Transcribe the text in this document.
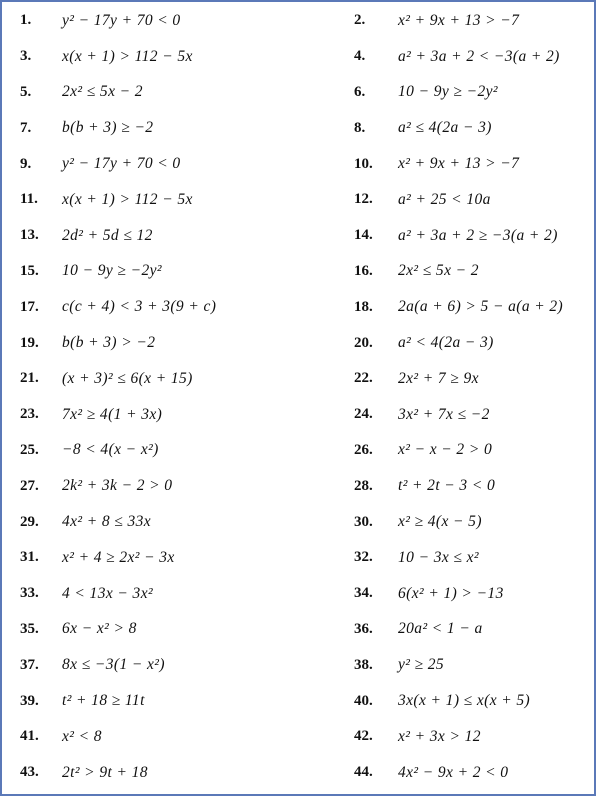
1.	y² − 17y + 70 < 0	2.	x² + 9x + 13 > −7
3.	x(x + 1) > 112 − 5x	4.	a² + 3a + 2 < −3(a + 2)
5.	2x² ≤ 5x − 2	6.	10 − 9y ≥ −2y²
7.	b(b + 3) ≥ −2	8.	a² ≤ 4(2a − 3)
9.	y² − 17y + 70 < 0	10.	x² + 9x + 13 > −7
11.	x(x + 1) > 112 − 5x	12.	a² + 25 < 10a
13.	2d² + 5d ≤ 12	14.	a² + 3a + 2 ≥ −3(a + 2)
15.	10 − 9y ≥ −2y²	16.	2x² ≤ 5x − 2
17.	c(c + 4) < 3 + 3(9 + c)	18.	2a(a + 6) > 5 − a(a + 2)
19.	b(b + 3) > −2	20.	a² < 4(2a − 3)
21.	(x + 3)² ≤ 6(x + 15)	22.	2x² + 7 ≥ 9x
23.	7x² ≥ 4(1 + 3x)	24.	3x² + 7x ≤ −2
25.	−8 < 4(x − x²)	26.	x² − x − 2 > 0
27.	2k² + 3k − 2 > 0	28.	t² + 2t − 3 < 0
29.	4x² + 8 ≤ 33x	30.	x² ≥ 4(x − 5)
31.	x² + 4 ≥ 2x² − 3x	32.	10 − 3x ≤ x²
33.	4 < 13x − 3x²	34.	6(x² + 1) > −13
35.	6x − x² > 8	36.	20a² < 1 − a
37.	8x ≤ −3(1 − x²)	38.	y² ≥ 25
39.	t² + 18 ≥ 11t	40.	3x(x + 1) ≤ x(x + 5)
41.	x² < 8	42.	x² + 3x > 12
43.	2t² > 9t + 18	44.	4x² − 9x + 2 < 0
